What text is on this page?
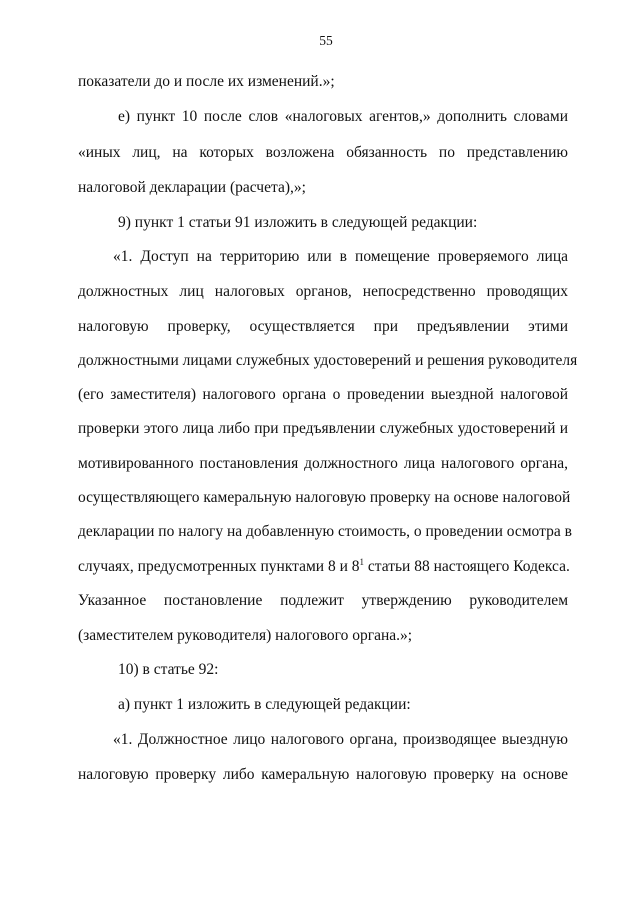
55
показатели до и после их изменений.»;
е) пункт 10 после слов «налоговых агентов,» дополнить словами
«иных лиц, на которых возложена обязанность по представлению
налоговой декларации (расчета),»;
9) пункт 1 статьи 91 изложить в следующей редакции:
«1. Доступ на территорию или в помещение проверяемого лица
должностных лиц налоговых органов, непосредственно проводящих
налоговую проверку, осуществляется при предъявлении этими
должностными лицами служебных удостоверений и решения руководителя
(его заместителя) налогового органа о проведении выездной налоговой
проверки этого лица либо при предъявлении служебных удостоверений и
мотивированного постановления должностного лица налогового органа,
осуществляющего камеральную налоговую проверку на основе налоговой
декларации по налогу на добавленную стоимость, о проведении осмотра в
случаях, предусмотренных пунктами 8 и $8^1$ статьи 88 настоящего Кодекса.
Указанное постановление подлежит утверждению руководителем
(заместителем руководителя) налогового органа.»;
10) в статье 92:
а) пункт 1 изложить в следующей редакции:
«1. Должностное лицо налогового органа, производящее выездную
налоговую проверку либо камеральную налоговую проверку на основе
